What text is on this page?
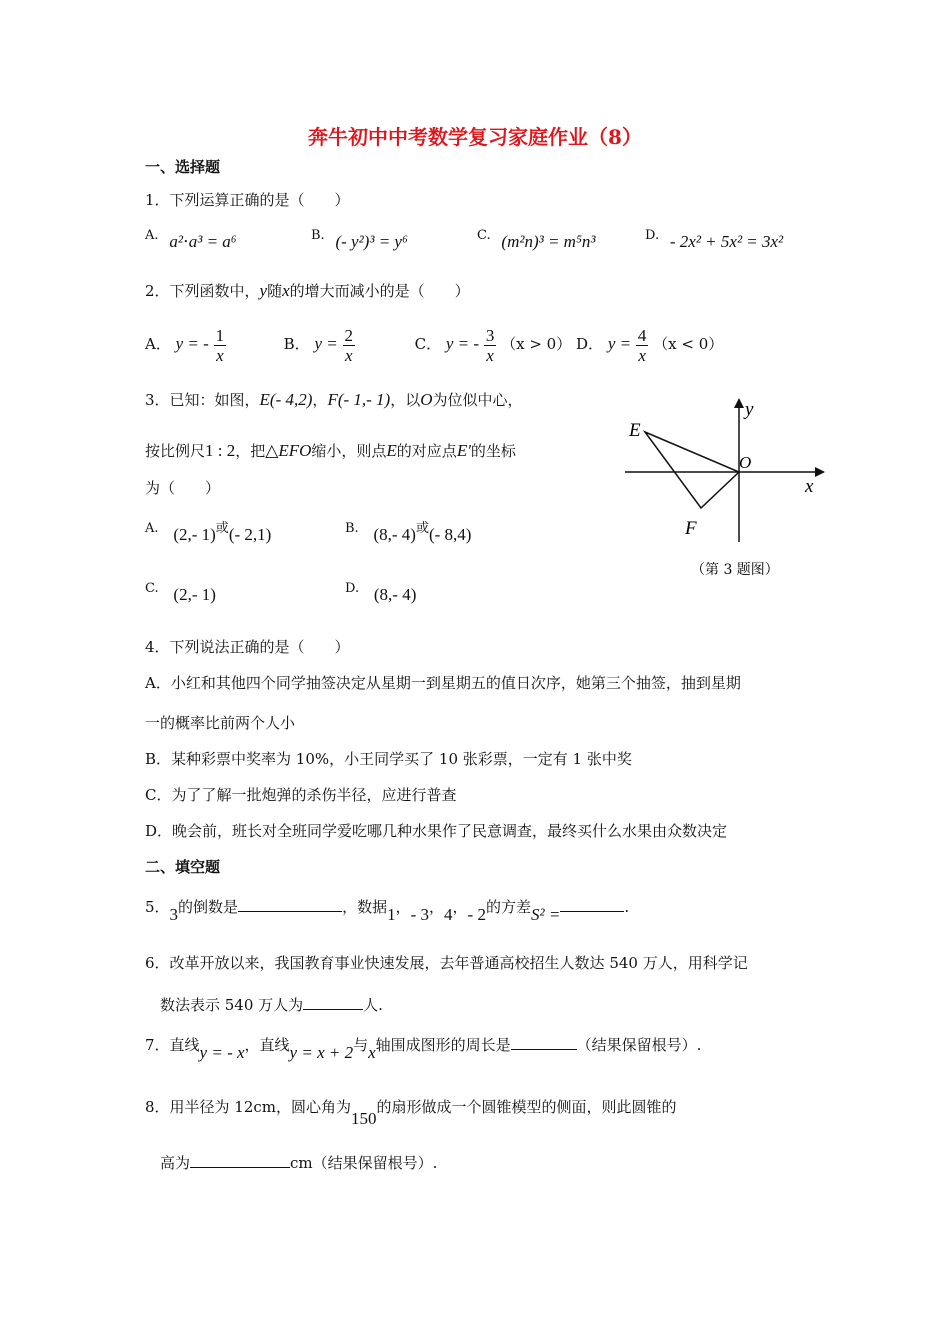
奔牛初中中考数学复习家庭作业（8）
一、选择题
1．下列运算正确的是（　　）
A. a²⋅a³ = a⁶	B. (- y²)³ = y⁶	C. (m²n)³ = m⁵n³	D. - 2x² + 5x² = 3x²
2．下列函数中，y随x的增大而减小的是（　　）
A． y = - $\frac{1}{x}$	B． $y = \frac{2}{x}$	C． y = - $\frac{3}{x} (x > 0)$ D． $y = \frac{4}{x} (x < 0)$
3．已知：如图，E(- 4,2)，F(- 1,- 1)，以O为位似中心，
按比例尺1 : 2，把△EFO缩小，则点E的对应点E′的坐标
为（　　）
A. (2,- 1)或(- 2,1)	B. (8,- 4)或(- 8,4)
C. (2,- 1)	D. (8,- 4)
y
x
E
O
F
（第 3 题图）
4．下列说法正确的是（　　）
A．小红和其他四个同学抽签决定从星期一到星期五的值日次序，她第三个抽签，抽到星期
一的概率比前两个人小
B．某种彩票中奖率为 10%，小王同学买了 10 张彩票，一定有 1 张中奖
C．为了了解一批炮弹的杀伤半径，应进行普查
D．晚会前，班长对全班同学爱吃哪几种水果作了民意调查，最终买什么水果由众数决定
二、填空题
5．3的倒数是	，数据1，- 3，4，- 2的方差S² =	.
6．改革开放以来，我国教育事业快速发展，去年普通高校招生人数达 540 万人，用科学记
数法表示 540 万人为	人.
7．直线y = - x，直线y = x + 2与x轴围成图形的周长是	（结果保留根号）.
8．用半径为 12cm，圆心角为150的扇形做成一个圆锥模型的侧面，则此圆锥的
高为	cm（结果保留根号）.
